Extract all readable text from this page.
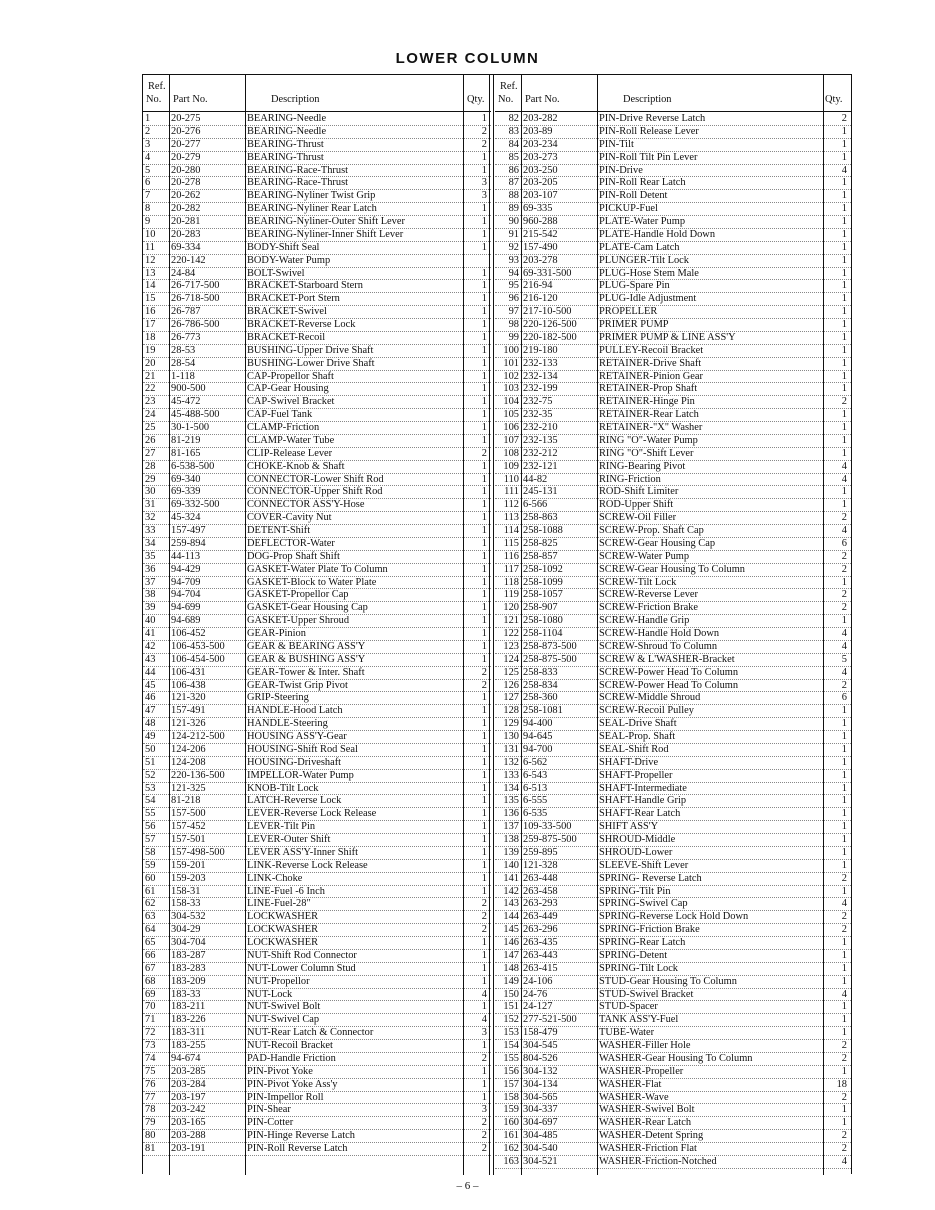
LOWER COLUMN
Ref.
No. Part No.	Description	Qty.
1	20-275	BEARING-Needle	1
2	20-276	BEARING-Needle	2
3	20-277	BEARING-Thrust	2
4	20-279	BEARING-Thrust	1
5	20-280	BEARING-Race-Thrust	1
6	20-278	BEARING-Race-Thrust	3
7	20-262	BEARING-Nyliner Twist Grip	3
8	20-282	BEARING-Nyliner Rear Latch	1
9	20-281	BEARING-Nyliner-Outer Shift Lever	1
10	20-283	BEARING-Nyliner-Inner Shift Lever	1
11	69-334	BODY-Shift Seal	1
12	220-142	BODY-Water Pump
13	24-84	BOLT-Swivel	1
14	26-717-500	BRACKET-Starboard Stern	1
15	26-718-500	BRACKET-Port Stern	1
16	26-787	BRACKET-Swivel	1
17	26-786-500	BRACKET-Reverse Lock	1
18	26-773	BRACKET-Recoil	1
19	28-53	BUSHING-Upper Drive Shaft	1
20	28-54	BUSHING-Lower Drive Shaft	1
21	1-118	CAP-Propellor Shaft	1
22	900-500	CAP-Gear Housing	1
23	45-472	CAP-Swivel Bracket	1
24	45-488-500	CAP-Fuel Tank	1
25	30-1-500	CLAMP-Friction	1
26	81-219	CLAMP-Water Tube	1
27	81-165	CLIP-Release Lever	2
28	6-538-500	CHOKE-Knob & Shaft	1
29	69-340	CONNECTOR-Lower Shift Rod	1
30	69-339	CONNECTOR-Upper Shift Rod	1
31	69-332-500	CONNECTOR ASS'Y-Hose	1
32	45-324	COVER-Cavity Nut	1
33	157-497	DETENT-Shift	1
34	259-894	DEFLECTOR-Water	1
35	44-113	DOG-Prop Shaft Shift	1
36	94-429	GASKET-Water Plate To Column	1
37	94-709	GASKET-Block to Water Plate	1
38	94-704	GASKET-Propellor Cap	1
39	94-699	GASKET-Gear Housing Cap	1
40	94-689	GASKET-Upper Shroud	1
41	106-452	GEAR-Pinion	1
42	106-453-500	GEAR & BEARING ASS'Y	1
43	106-454-500	GEAR & BUSHING ASS'Y	1
44	106-431	GEAR-Tower & Inter. Shaft	2
45	106-438	GEAR-Twist Grip Pivot	2
46	121-320	GRIP-Steering	1
47	157-491	HANDLE-Hood Latch	1
48	121-326	HANDLE-Steering	1
49	124-212-500	HOUSING ASS'Y-Gear	1
50	124-206	HOUSING-Shift Rod Seal	1
51	124-208	HOUSING-Driveshaft	1
52	220-136-500	IMPELLOR-Water Pump	1
53	121-325	KNOB-Tilt Lock	1
54	81-218	LATCH-Reverse Lock	1
55	157-500	LEVER-Reverse Lock Release	1
56	157-452	LEVER-Tilt Pin	1
57	157-501	LEVER-Outer Shift	1
58	157-498-500	LEVER ASS'Y-Inner Shift	1
59	159-201	LINK-Reverse Lock Release	1
60	159-203	LINK-Choke	1
61	158-31	LINE-Fuel -6 Inch	1
62	158-33	LINE-Fuel-28"	2
63	304-532	LOCKWASHER	2
64	304-29	LOCKWASHER	2
65	304-704	LOCKWASHER	1
66	183-287	NUT-Shift Rod Connector	1
67	183-283	NUT-Lower Column Stud	1
68	183-209	NUT-Propellor	1
69	183-33	NUT-Lock	4
70	183-211	NUT-Swivel Bolt	1
71	183-226	NUT-Swivel Cap	4
72	183-311	NUT-Rear Latch & Connector	3
73	183-255	NUT-Recoil Bracket	1
74	94-674	PAD-Handle Friction	2
75	203-285	PIN-Pivot Yoke	1
76	203-284	PIN-Pivot Yoke Ass'y	1
77	203-197	PIN-Impellor Roll	1
78	203-242	PIN-Shear	3
79	203-165	PIN-Cotter	2
80	203-288	PIN-Hinge Reverse Latch	2
81	203-191	PIN-Roll Reverse Latch	2
Ref.
No. Part No.	Description	Qty.
82 203-282	PIN-Drive Reverse Latch	2
83 203-89	PIN-Roll Release Lever	1
84 203-234	PIN-Tilt	1
85 203-273	PIN-Roll Tilt Pin Lever	1
86 203-250	PIN-Drive	4
87 203-205	PIN-Roll Rear Latch	1
88 203-107	PIN-Roll Detent	1
89 69-335	PICKUP-Fuel	1
90 960-288	PLATE-Water Pump	1
91 215-542	PLATE-Handle Hold Down	1
92 157-490	PLATE-Cam Latch	1
93 203-278	PLUNGER-Tilt Lock	1
94 69-331-500	PLUG-Hose Stem Male	1
95 216-94	PLUG-Spare Pin	1
96 216-120	PLUG-Idle Adjustment	1
97 217-10-500	PROPELLER	1
98 220-126-500	PRIMER PUMP	1
99 220-182-500	PRIMER PUMP & LINE ASS'Y	1
100 219-180	PULLEY-Recoil Bracket	1
101 232-133	RETAINER-Drive Shaft	1
102 232-134	RETAINER-Pinion Gear	1
103 232-199	RETAINER-Prop Shaft	1
104 232-75	RETAINER-Hinge Pin	2
105 232-35	RETAINER-Rear Latch	1
106 232-210	RETAINER-"X" Washer	1
107 232-135	RING "O"-Water Pump	1
108 232-212	RING "O"-Shift Lever	1
109 232-121	RING-Bearing Pivot	4
110 44-82	RING-Friction	4
111 245-131	ROD-Shift Limiter	1
112 6-566	ROD-Upper Shift	1
113 258-863	SCREW-Oil Filler	2
114 258-1088	SCREW-Prop. Shaft Cap	4
115 258-825	SCREW-Gear Housing Cap	6
116 258-857	SCREW-Water Pump	2
117 258-1092	SCREW-Gear Housing To Column	2
118 258-1099	SCREW-Tilt Lock	1
119 258-1057	SCREW-Reverse Lever	2
120 258-907	SCREW-Friction Brake	2
121 258-1080	SCREW-Handle Grip	1
122 258-1104	SCREW-Handle Hold Down	4
123 258-873-500	SCREW-Shroud To Column	4
124 258-875-500	SCREW & L'WASHER-Bracket	5
125 258-833	SCREW-Power Head To Column	4
126 258-834	SCREW-Power Head To Column	2
127 258-360	SCREW-Middle Shroud	6
128 258-1081	SCREW-Recoil Pulley	1
129 94-400	SEAL-Drive Shaft	1
130 94-645	SEAL-Prop. Shaft	1
131 94-700	SEAL-Shift Rod	1
132 6-562	SHAFT-Drive	1
133 6-543	SHAFT-Propeller	1
134 6-513	SHAFT-Intermediate	1
135 6-555	SHAFT-Handle Grip	1
136 6-535	SHAFT-Rear Latch	1
137 109-33-500	SHIFT ASS'Y	1
138 259-875-500	SHROUD-Middle	1
139 259-895	SHROUD-Lower	1
140 121-328	SLEEVE-Shift Lever	1
141 263-448	SPRING- Reverse Latch	2
142 263-458	SPRING-Tilt Pin	1
143 263-293	SPRING-Swivel Cap	4
144 263-449	SPRING-Reverse Lock Hold Down	2
145 263-296	SPRING-Friction Brake	2
146 263-435	SPRING-Rear Latch	1
147 263-443	SPRING-Detent	1
148 263-415	SPRING-Tilt Lock	1
149 24-106	STUD-Gear Housing To Column	1
150 24-76	STUD-Swivel Bracket	4
151 24-127	STUD-Spacer	1
152 277-521-500	TANK ASS'Y-Fuel	1
153 158-479	TUBE-Water	1
154 304-545	WASHER-Filler Hole	2
155 804-526	WASHER-Gear Housing To Column	2
156 304-132	WASHER-Propeller	1
157 304-134	WASHER-Flat	18
158 304-565	WASHER-Wave	2
159 304-337	WASHER-Swivel Bolt	1
160 304-697	WASHER-Rear Latch	1
161 304-485	WASHER-Detent Spring	2
162 304-540	WASHER-Friction Flat	2
163 304-521	WASHER-Friction-Notched	4
– 6 –
